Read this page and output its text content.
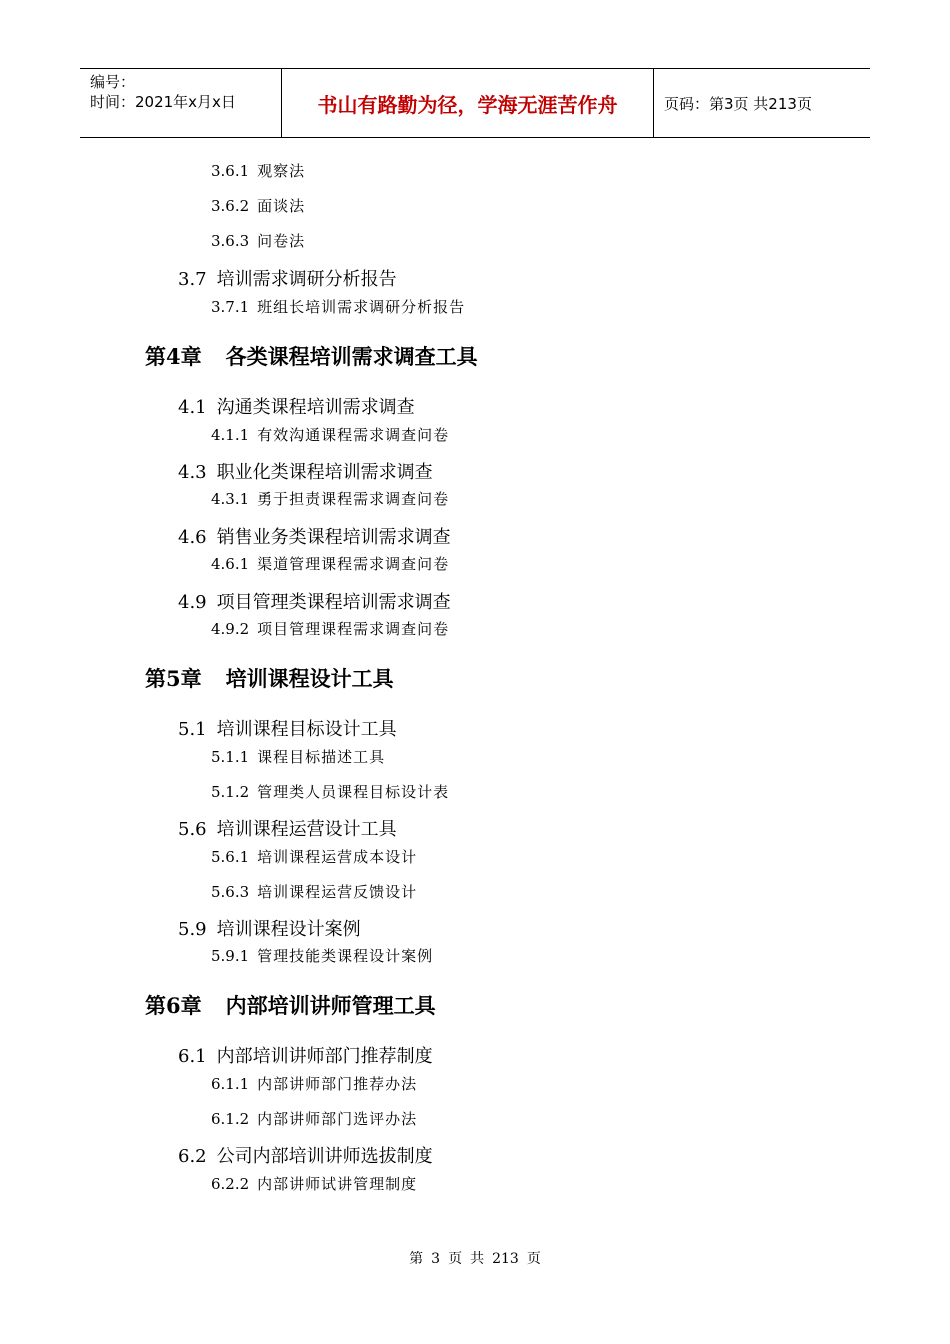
编号：
时间：2021年x月x日	书山有路勤为径，学海无涯苦作舟	页码：第3页 共213页
3.6.1 观察法
3.6.2 面谈法
3.6.3 问卷法
3.7 培训需求调研分析报告
3.7.1 班组长培训需求调研分析报告
第4章 各类课程培训需求调查工具
4.1 沟通类课程培训需求调查
4.1.1 有效沟通课程需求调查问卷
4.3 职业化类课程培训需求调查
4.3.1 勇于担责课程需求调查问卷
4.6 销售业务类课程培训需求调查
4.6.1 渠道管理课程需求调查问卷
4.9 项目管理类课程培训需求调查
4.9.2 项目管理课程需求调查问卷
第5章 培训课程设计工具
5.1 培训课程目标设计工具
5.1.1 课程目标描述工具
5.1.2 管理类人员课程目标设计表
5.6 培训课程运营设计工具
5.6.1 培训课程运营成本设计
5.6.3 培训课程运营反馈设计
5.9 培训课程设计案例
5.9.1 管理技能类课程设计案例
第6章 内部培训讲师管理工具
6.1 内部培训讲师部门推荐制度
6.1.1 内部讲师部门推荐办法
6.1.2 内部讲师部门选评办法
6.2 公司内部培训讲师选拔制度
6.2.2 内部讲师试讲管理制度
第 3 页 共 213 页
